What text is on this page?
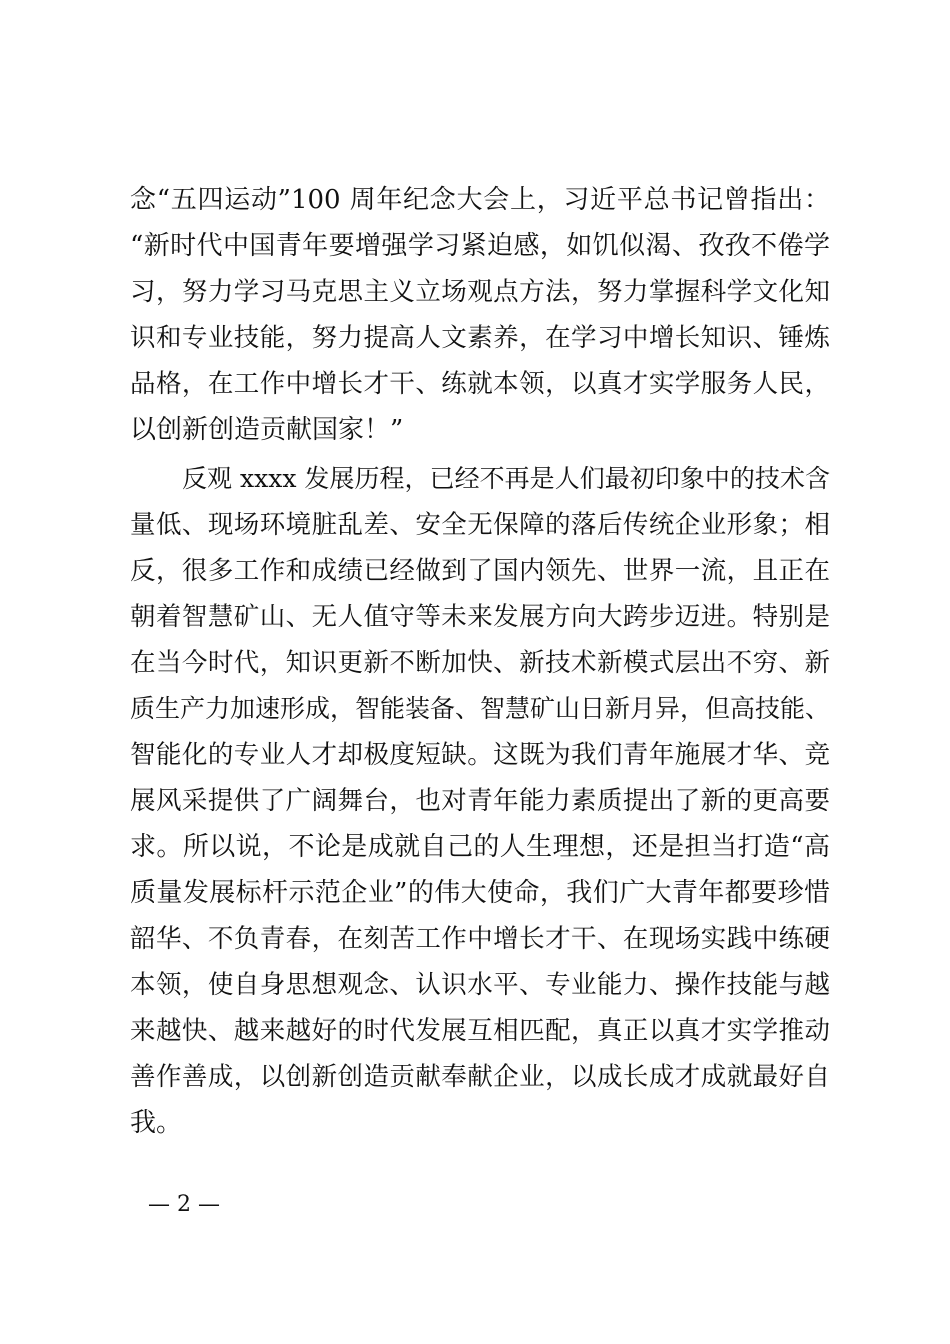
念“五四运动”100 周年纪念大会上，习近平总书记曾指出：
“新时代中国青年要增强学习紧迫感，如饥似渴、孜孜不倦学
习，努力学习马克思主义立场观点方法，努力掌握科学文化知
识和专业技能，努力提高人文素养，在学习中增长知识、锤炼
品格，在工作中增长才干、练就本领，以真才实学服务人民，
以创新创造贡献国家！”
反观 xxxx 发展历程，已经不再是人们最初印象中的技术含
量低、现场环境脏乱差、安全无保障的落后传统企业形象；相
反，很多工作和成绩已经做到了国内领先、世界一流，且正在
朝着智慧矿山、无人值守等未来发展方向大跨步迈进。特别是
在当今时代，知识更新不断加快、新技术新模式层出不穷、新
质生产力加速形成，智能装备、智慧矿山日新月异，但高技能、
智能化的专业人才却极度短缺。这既为我们青年施展才华、竞
展风采提供了广阔舞台，也对青年能力素质提出了新的更高要
求。所以说，不论是成就自己的人生理想，还是担当打造“高
质量发展标杆示范企业”的伟大使命，我们广大青年都要珍惜
韶华、不负青春，在刻苦工作中增长才干、在现场实践中练硬
本领，使自身思想观念、认识水平、专业能力、操作技能与越
来越快、越来越好的时代发展互相匹配，真正以真才实学推动
善作善成，以创新创造贡献奉献企业，以成长成才成就最好自
我。
— 2 —
